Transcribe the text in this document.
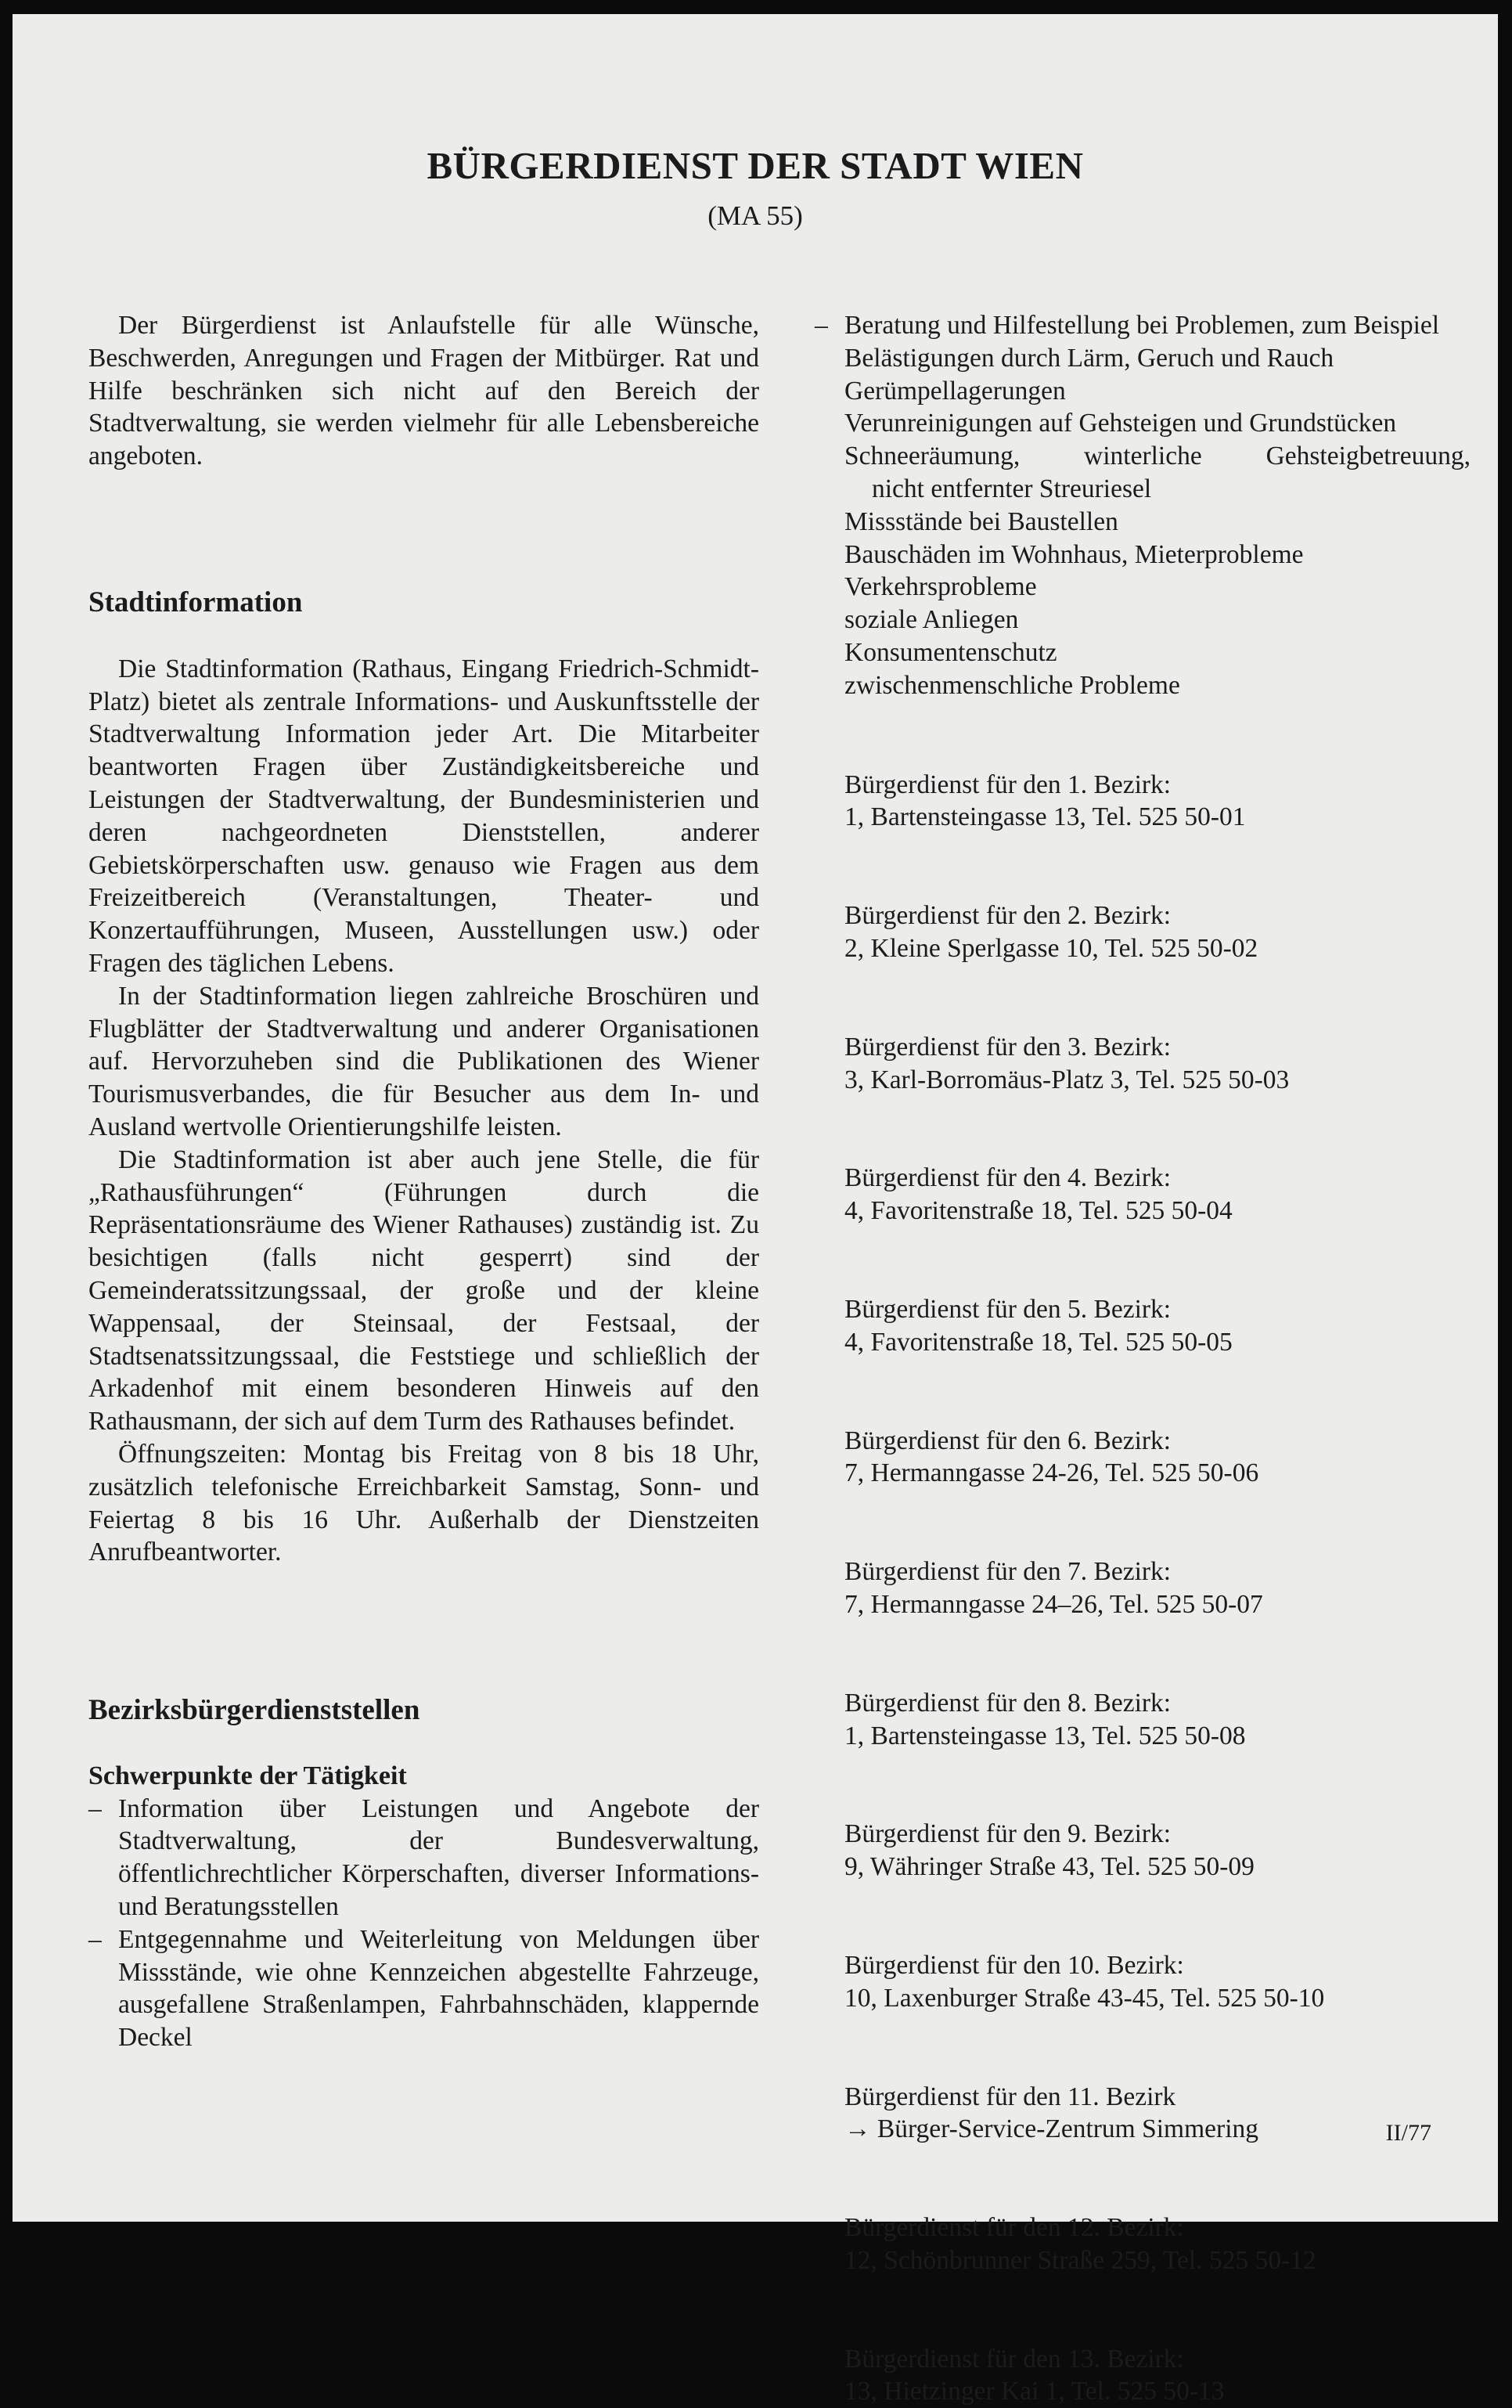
BÜRGERDIENST DER STADT WIEN
(MA 55)

Der Bürgerdienst ist Anlaufstelle für alle Wünsche, Beschwerden, Anregungen und Fragen der Mitbürger. Rat und Hilfe beschränken sich nicht auf den Bereich der Stadtverwaltung, sie werden vielmehr für alle Lebensbereiche angeboten.

Stadtinformation

Die Stadtinformation (Rathaus, Eingang Friedrich-Schmidt-Platz) bietet als zentrale Informations- und Auskunftsstelle der Stadtverwaltung Information jeder Art. Die Mitarbeiter beantworten Fragen über Zuständigkeitsbereiche und Leistungen der Stadtverwaltung, der Bundesministerien und deren nachgeordneten Dienststellen, anderer Gebietskörperschaften usw. genauso wie Fragen aus dem Freizeitbereich (Veranstaltungen, Theater- und Konzertaufführungen, Museen, Ausstellungen usw.) oder Fragen des täglichen Lebens.

In der Stadtinformation liegen zahlreiche Broschüren und Flugblätter der Stadtverwaltung und anderer Organisationen auf. Hervorzuheben sind die Publikationen des Wiener Tourismusverbandes, die für Besucher aus dem In- und Ausland wertvolle Orientierungshilfe leisten.

Die Stadtinformation ist aber auch jene Stelle, die für „Rathausführungen“ (Führungen durch die Repräsentationsräume des Wiener Rathauses) zuständig ist. Zu besichtigen (falls nicht gesperrt) sind der Gemeinderatssitzungssaal, der große und der kleine Wappensaal, der Steinsaal, der Festsaal, der Stadtsenatssitzungssaal, die Feststiege und schließlich der Arkadenhof mit einem besonderen Hinweis auf den Rathausmann, der sich auf dem Turm des Rathauses befindet.

Öffnungszeiten: Montag bis Freitag von 8 bis 18 Uhr, zusätzlich telefonische Erreichbarkeit Samstag, Sonn- und Feiertag 8 bis 16 Uhr. Außerhalb der Dienstzeiten Anrufbeantworter.

Bezirksbürgerdienststellen
Schwerpunkte der Tätigkeit
– Information über Leistungen und Angebote der Stadtverwaltung, der Bundesverwaltung, öffentlichrechtlicher Körperschaften, diverser Informations- und Beratungsstellen
– Entgegennahme und Weiterleitung von Meldungen über Missstände, wie ohne Kennzeichen abgestellte Fahrzeuge, ausgefallene Straßenlampen, Fahrbahnschäden, klappernde Deckel
– Beratung und Hilfestellung bei Problemen, zum Beispiel
Belästigungen durch Lärm, Geruch und Rauch
Gerümpellagerungen
Verunreinigungen auf Gehsteigen und Grundstücken
Schneeräumung, winterliche Gehsteigbetreuung,
nicht entfernter Streuriesel
Missstände bei Baustellen
Bauschäden im Wohnhaus, Mieterprobleme
Verkehrsprobleme
soziale Anliegen
Konsumentenschutz
zwischenmenschliche Probleme
Bürgerdienst für den 1. Bezirk:
1, Bartensteingasse 13, Tel. 525 50-01
Bürgerdienst für den 2. Bezirk:
2, Kleine Sperlgasse 10, Tel. 525 50-02
Bürgerdienst für den 3. Bezirk:
3, Karl-Borromäus-Platz 3, Tel. 525 50-03
Bürgerdienst für den 4. Bezirk:
4, Favoritenstraße 18, Tel. 525 50-04
Bürgerdienst für den 5. Bezirk:
4, Favoritenstraße 18, Tel. 525 50-05
Bürgerdienst für den 6. Bezirk:
7, Hermanngasse 24-26, Tel. 525 50-06
Bürgerdienst für den 7. Bezirk:
7, Hermanngasse 24–26, Tel. 525 50-07
Bürgerdienst für den 8. Bezirk:
1, Bartensteingasse 13, Tel. 525 50-08
Bürgerdienst für den 9. Bezirk:
9, Währinger Straße 43, Tel. 525 50-09
Bürgerdienst für den 10. Bezirk:
10, Laxenburger Straße 43-45, Tel. 525 50-10
Bürgerdienst für den 11. Bezirk
→ Bürger-Service-Zentrum Simmering
Bürgerdienst für den 12. Bezirk:
12, Schönbrunner Straße 259, Tel. 525 50-12
Bürgerdienst für den 13. Bezirk:
13, Hietzinger Kai 1, Tel. 525 50-13
II/77
